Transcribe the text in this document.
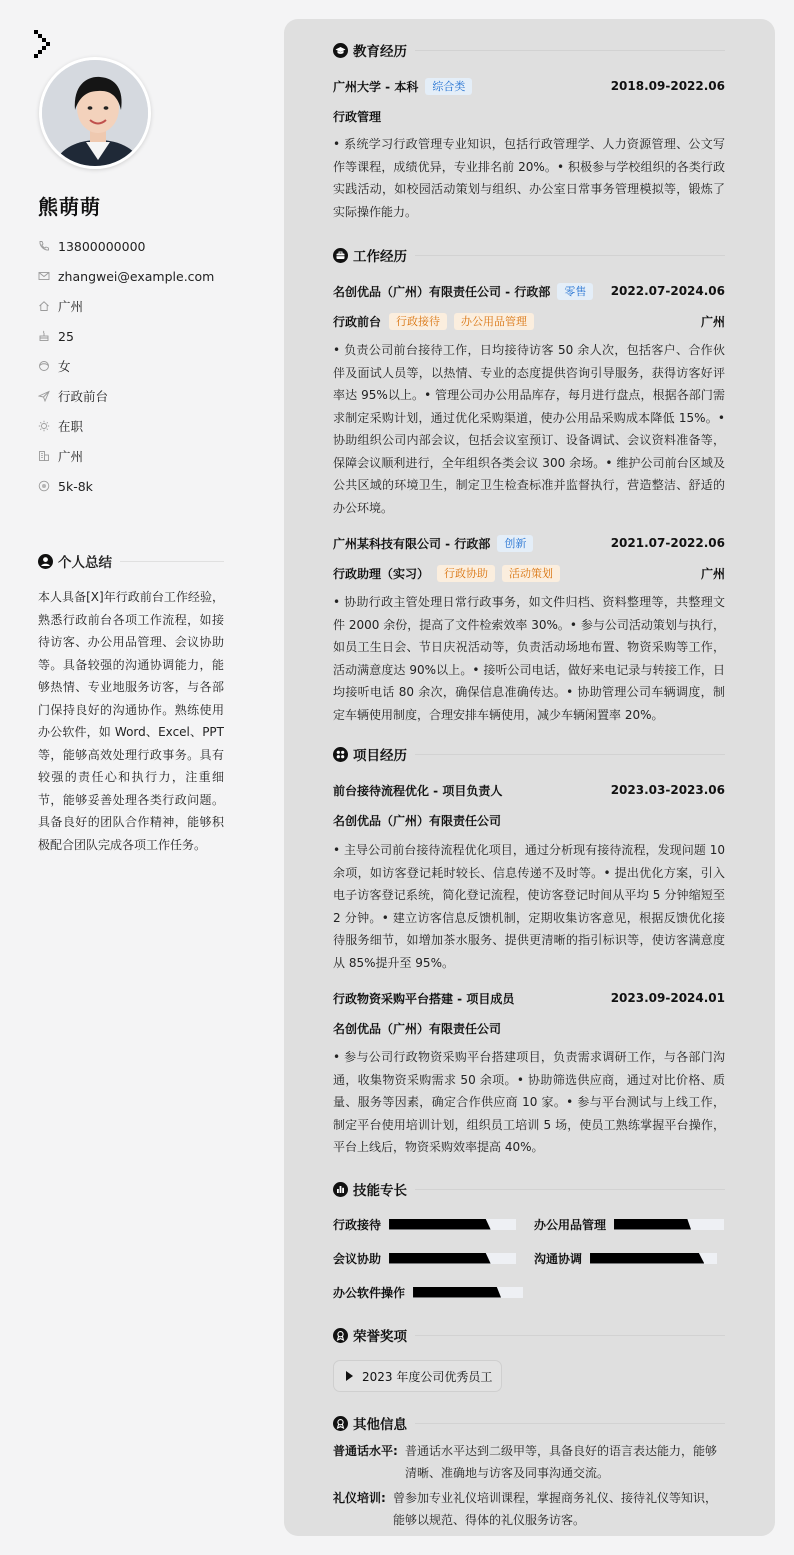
熊萌萌
13800000000
zhangwei@example.com
广州
25
女
行政前台
在职
广州
5k-8k
个人总结
本人具备[X]年行政前台工作经验，熟悉行政前台各项工作流程，如接待访客、办公用品管理、会议协助等。具备较强的沟通协调能力，能够热情、专业地服务访客，与各部门保持良好的沟通协作。熟练使用办公软件，如 Word、Excel、PPT 等，能够高效处理行政事务。具有较强的责任心和执行力，注重细节，能够妥善处理各类行政问题。具备良好的团队合作精神，能够积极配合团队完成各项工作任务。
教育经历
广州大学 - 本科	综合类	2018.09-2022.06
行政管理
• 系统学习行政管理专业知识，包括行政管理学、人力资源管理、公文写作等课程，成绩优异，专业排名前 20%。• 积极参与学校组织的各类行政实践活动，如校园活动策划与组织、办公室日常事务管理模拟等，锻炼了实际操作能力。
工作经历
名创优品（广州）有限责任公司 - 行政部	零售	2022.07-2024.06
行政前台	行政接待	办公用品管理	广州
• 负责公司前台接待工作，日均接待访客 50 余人次，包括客户、合作伙伴及面试人员等，以热情、专业的态度提供咨询引导服务，获得访客好评率达 95%以上。• 管理公司办公用品库存，每月进行盘点，根据各部门需求制定采购计划，通过优化采购渠道，使办公用品采购成本降低 15%。• 协助组织公司内部会议，包括会议室预订、设备调试、会议资料准备等，保障会议顺利进行，全年组织各类会议 300 余场。• 维护公司前台区域及公共区域的环境卫生，制定卫生检查标准并监督执行，营造整洁、舒适的办公环境。
广州某科技有限公司 - 行政部	创新	2021.07-2022.06
行政助理（实习）	行政协助	活动策划	广州
• 协助行政主管处理日常行政事务，如文件归档、资料整理等，共整理文件 2000 余份，提高了文件检索效率 30%。• 参与公司活动策划与执行，如员工生日会、节日庆祝活动等，负责活动场地布置、物资采购等工作，活动满意度达 90%以上。• 接听公司电话，做好来电记录与转接工作，日均接听电话 80 余次，确保信息准确传达。• 协助管理公司车辆调度，制定车辆使用制度，合理安排车辆使用，减少车辆闲置率 20%。
项目经历
前台接待流程优化 - 项目负责人	2023.03-2023.06
名创优品（广州）有限责任公司
• 主导公司前台接待流程优化项目，通过分析现有接待流程，发现问题 10 余项，如访客登记耗时较长、信息传递不及时等。• 提出优化方案，引入电子访客登记系统，简化登记流程，使访客登记时间从平均 5 分钟缩短至 2 分钟。• 建立访客信息反馈机制，定期收集访客意见，根据反馈优化接待服务细节，如增加茶水服务、提供更清晰的指引标识等，使访客满意度从 85%提升至 95%。
行政物资采购平台搭建 - 项目成员	2023.09-2024.01
名创优品（广州）有限责任公司
• 参与公司行政物资采购平台搭建项目，负责需求调研工作，与各部门沟通，收集物资采购需求 50 余项。• 协助筛选供应商，通过对比价格、质量、服务等因素，确定合作供应商 10 家。• 参与平台测试与上线工作，制定平台使用培训计划，组织员工培训 5 场，使员工熟练掌握平台操作，平台上线后，物资采购效率提高 40%。
技能专长
行政接待	办公用品管理
会议协助	沟通协调
办公软件操作
荣誉奖项
2023 年度公司优秀员工
其他信息
普通话水平: 普通话水平达到二级甲等，具备良好的语言表达能力，能够清晰、准确地与访客及同事沟通交流。
礼仪培训: 曾参加专业礼仪培训课程，掌握商务礼仪、接待礼仪等知识，能够以规范、得体的礼仪服务访客。
